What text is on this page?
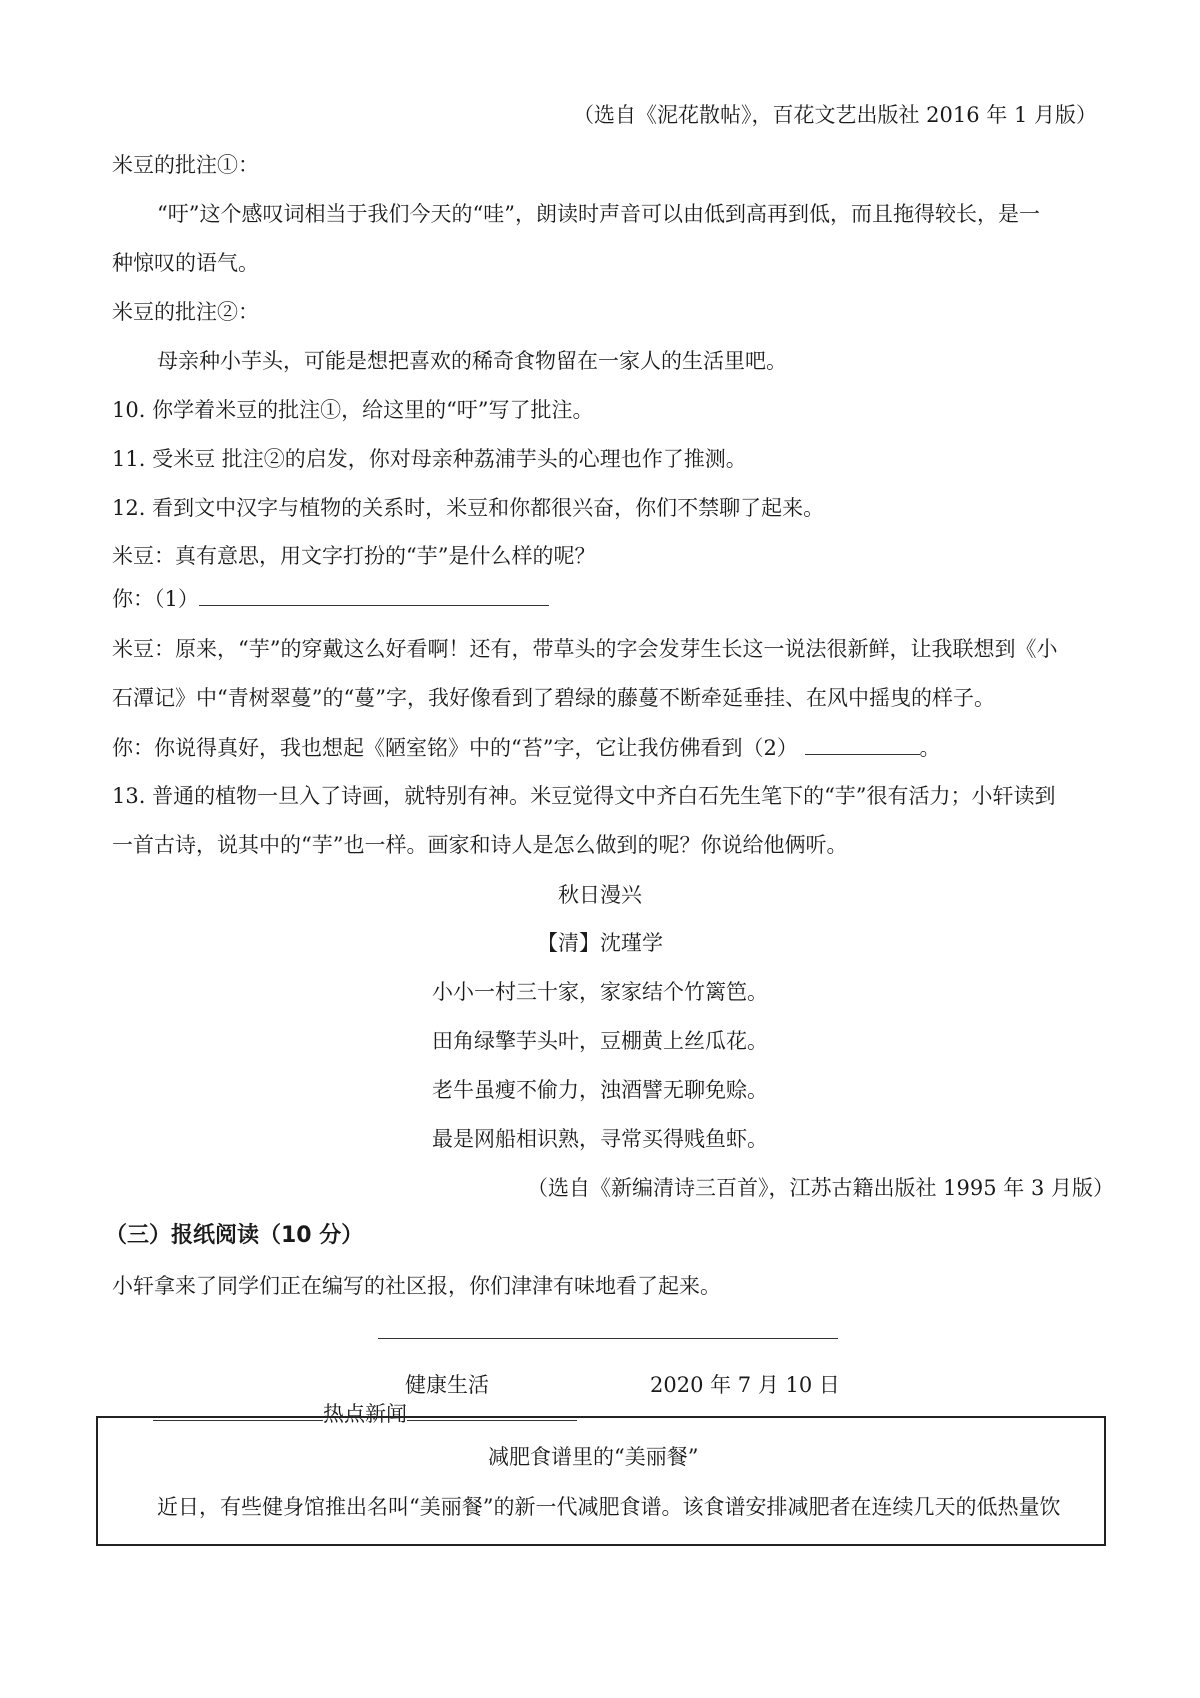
（选自《泥花散帖》，百花文艺出版社 2016 年 1 月版）
米豆的批注①：
“吁”这个感叹词相当于我们今天的“哇”，朗读时声音可以由低到高再到低，而且拖得较长，是一
种惊叹的语气。
米豆的批注②：
母亲种小芋头，可能是想把喜欢的稀奇食物留在一家人的生活里吧。
10. 你学着米豆的批注①，给这里的“吁”写了批注。
11. 受米豆 批注②的启发，你对母亲种荔浦芋头的心理也作了推测。
12. 看到文中汉字与植物的关系时，米豆和你都很兴奋，你们不禁聊了起来。
米豆：真有意思，用文字打扮的“芋”是什么样的呢？
你：（1）
米豆：原来，“芋”的穿戴这么好看啊！还有，带草头的字会发芽生长这一说法很新鲜，让我联想到《小
石潭记》中“青树翠蔓”的“蔓”字，我好像看到了碧绿的藤蔓不断牵延垂挂、在风中摇曳的样子。
你：你说得真好，我也想起《陋室铭》中的“苔”字，它让我仿佛看到（2）	。
13. 普通的植物一旦入了诗画，就特别有神。米豆觉得文中齐白石先生笔下的“芋”很有活力；小轩读到
一首古诗，说其中的“芋”也一样。画家和诗人是怎么做到的呢？你说给他俩听。
秋日漫兴
【清】沈瑾学
小小一村三十家，家家结个竹篱笆。
田角绿擎芋头叶，豆棚黄上丝瓜花。
老牛虽瘦不偷力，浊酒譬无聊免赊。
最是网船相识熟，寻常买得贱鱼虾。
（选自《新编清诗三百首》，江苏古籍出版社 1995 年 3 月版）
（三）报纸阅读（10 分）
小轩拿来了同学们正在编写的社区报，你们津津有味地看了起来。
健康生活	2020 年 7 月 10 日
热点新闻
减肥食谱里的“美丽餐”
近日，有些健身馆推出名叫“美丽餐”的新一代减肥食谱。该食谱安排减肥者在连续几天的低热量饮
